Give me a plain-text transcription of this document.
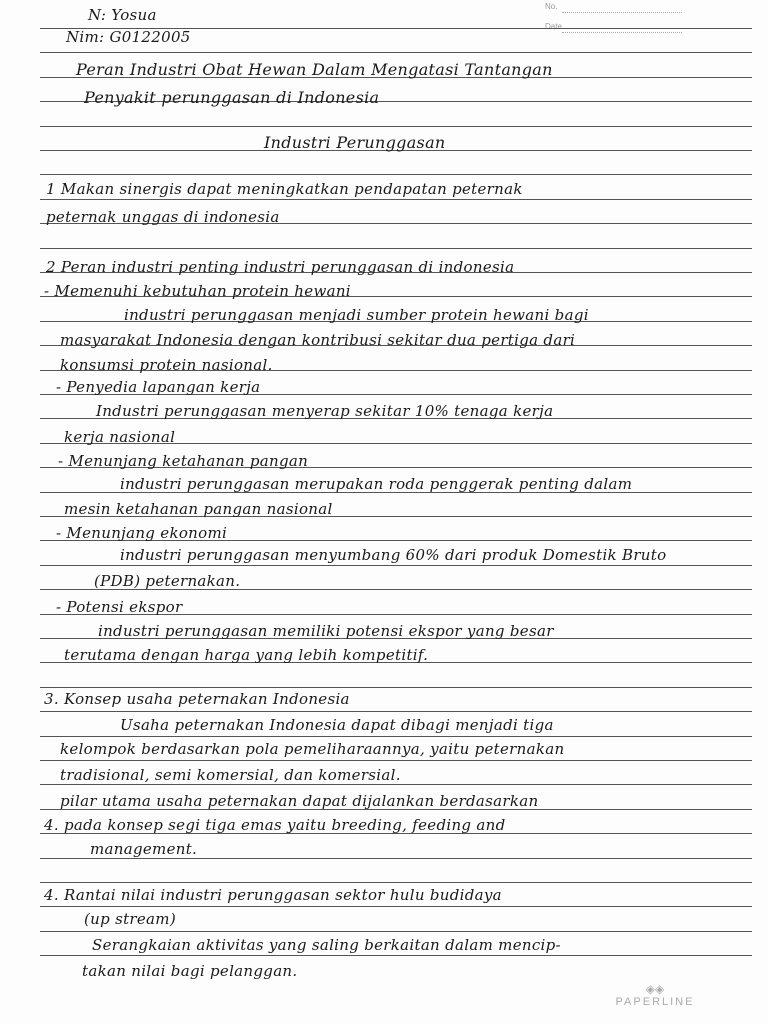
No.
Date
N: Yosua
Nim: G0122005
Peran Industri Obat Hewan Dalam Mengatasi Tantangan
Penyakit perunggasan di Indonesia
Industri Perunggasan
1 Makan sinergis dapat meningkatkan pendapatan peternak
peternak unggas di indonesia
2 Peran industri penting industri perunggasan di indonesia
- Memenuhi kebutuhan protein hewani
industri perunggasan menjadi sumber protein hewani bagi
masyarakat Indonesia dengan kontribusi sekitar dua pertiga dari
konsumsi protein nasional.
- Penyedia lapangan kerja
Industri perunggasan menyerap sekitar 10% tenaga kerja
kerja nasional
- Menunjang ketahanan pangan
industri perunggasan merupakan roda penggerak penting dalam
mesin ketahanan pangan nasional
- Menunjang ekonomi
industri perunggasan menyumbang 60% dari produk Domestik Bruto
(PDB) peternakan.
- Potensi ekspor
industri perunggasan memiliki potensi ekspor yang besar
terutama dengan harga yang lebih kompetitif.
3. Konsep usaha peternakan Indonesia
Usaha peternakan Indonesia dapat dibagi menjadi tiga
kelompok berdasarkan pola pemeliharaannya, yaitu peternakan
tradisional, semi komersial, dan komersial.
pilar utama usaha peternakan dapat dijalankan berdasarkan
4. pada konsep segi tiga emas yaitu breeding, feeding and
management.
4. Rantai nilai industri perunggasan sektor hulu budidaya
(up stream)
Serangkaian aktivitas yang saling berkaitan dalam mencip-
takan nilai bagi pelanggan.
◈◈
PAPERLINE
